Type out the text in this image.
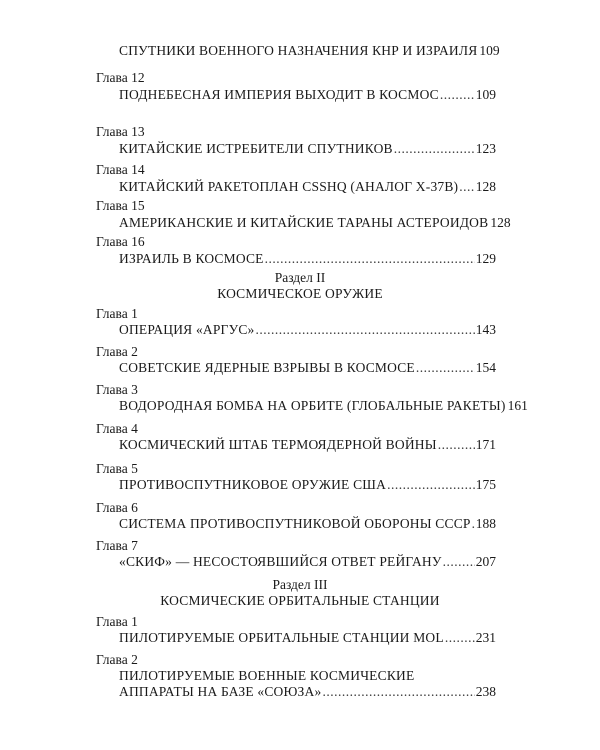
СПУТНИКИ ВОЕННОГО НАЗНАЧЕНИЯ КНР И ИЗРАИЛЯ 109
Глава 12
ПОДНЕБЕСНАЯ ИМПЕРИЯ ВЫХОДИТ В КОСМОС .....	109
Глава 13
КИТАЙСКИЕ ИСТРЕБИТЕЛИ СПУТНИКОВ .....	123
Глава 14
КИТАЙСКИЙ РАКЕТОПЛАН CSSHQ (АНАЛОГ Х-37В) ..... 128
Глава 15
АМЕРИКАНСКИЕ И КИТАЙСКИЕ ТАРАНЫ АСТЕРОИДОВ 128
Глава 16
ИЗРАИЛЬ В КОСМОСЕ .....	129
Раздел II
КОСМИЧЕСКОЕ ОРУЖИЕ
Глава 1
ОПЕРАЦИЯ «АРГУС» .....	143
Глава 2
СОВЕТСКИЕ ЯДЕРНЫЕ ВЗРЫВЫ В КОСМОСЕ .....	154
Глава 3
ВОДОРОДНАЯ БОМБА НА ОРБИТЕ (ГЛОБАЛЬНЫЕ РАКЕТЫ) 161
Глава 4
КОСМИЧЕСКИЙ ШТАБ ТЕРМОЯДЕРНОЙ ВОЙНЫ .....	171
Глава 5
ПРОТИВОСПУТНИКОВОЕ ОРУЖИЕ США .....	175
Глава 6
СИСТЕМА ПРОТИВОСПУТНИКОВОЙ ОБОРОНЫ СССР ..... 188
Глава 7
«СКИФ» — НЕСОСТОЯВШИЙСЯ ОТВЕТ РЕЙГАНУ .....	207
Раздел III
КОСМИЧЕСКИЕ ОРБИТАЛЬНЫЕ СТАНЦИИ
Глава 1
ПИЛОТИРУЕМЫЕ ОРБИТАЛЬНЫЕ СТАНЦИИ MOL ..... 231
Глава 2
ПИЛОТИРУЕМЫЕ ВОЕННЫЕ КОСМИЧЕСКИЕ
АППАРАТЫ НА БАЗЕ «СОЮЗА» .....	238
